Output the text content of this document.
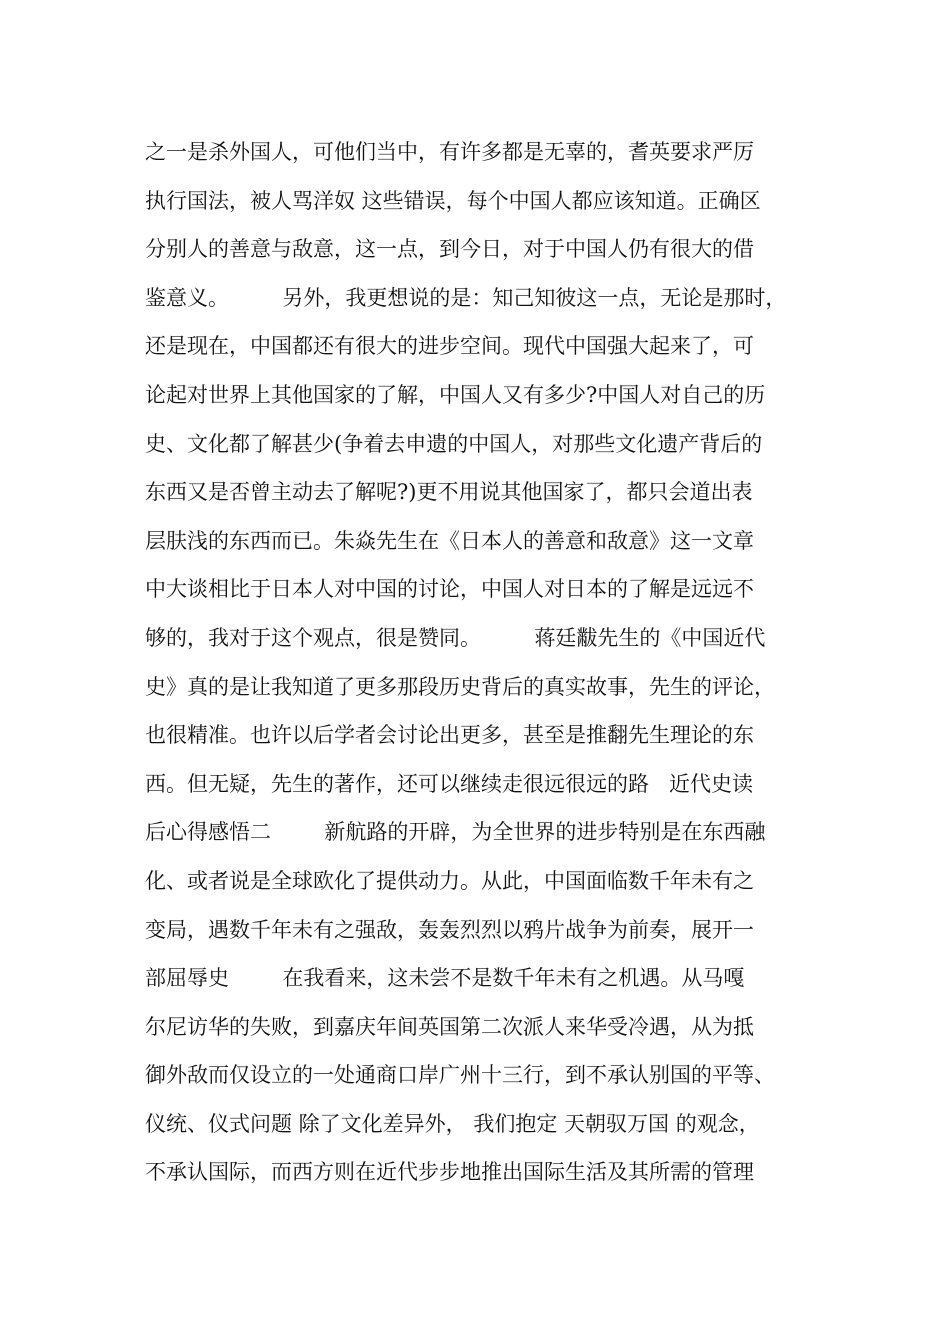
之一是杀外国人，可他们当中，有许多都是无辜的，耆英要求严厉
执行国法，被人骂洋奴 这些错误，每个中国人都应该知道。正确区
分别人的善意与敌意，这一点，到今日，对于中国人仍有很大的借
鉴意义。        另外，我更想说的是：知己知彼这一点，无论是那时，
还是现在，中国都还有很大的进步空间。现代中国强大起来了，可
论起对世界上其他国家的了解，中国人又有多少?中国人对自己的历
史、文化都了解甚少(争着去申遗的中国人，对那些文化遗产背后的
东西又是否曾主动去了解呢?)更不用说其他国家了，都只会道出表
层肤浅的东西而已。朱焱先生在《日本人的善意和敌意》这一文章
中大谈相比于日本人对中国的讨论，中国人对日本的了解是远远不
够的，我对于这个观点，很是赞同。        蒋廷黻先生的《中国近代
史》真的是让我知道了更多那段历史背后的真实故事，先生的评论，
也很精准。也许以后学者会讨论出更多，甚至是推翻先生理论的东
西。但无疑，先生的著作，还可以继续走很远很远的路   近代史读
后心得感悟二        新航路的开辟，为全世界的进步特别是在东西融
化、或者说是全球欧化了提供动力。从此，中国面临数千年未有之
变局，遇数千年未有之强敌，轰轰烈烈以鸦片战争为前奏，展开一
部屈辱史        在我看来，这未尝不是数千年未有之机遇。从马嘎
尔尼访华的失败，到嘉庆年间英国第二次派人来华受冷遇，从为抵
御外敌而仅设立的一处通商口岸广州十三行，到不承认别国的平等、
仪统、仪式问题 除了文化差异外， 我们抱定 天朝驭万国 的观念，
不承认国际，而西方则在近代步步地推出国际生活及其所需的管理
